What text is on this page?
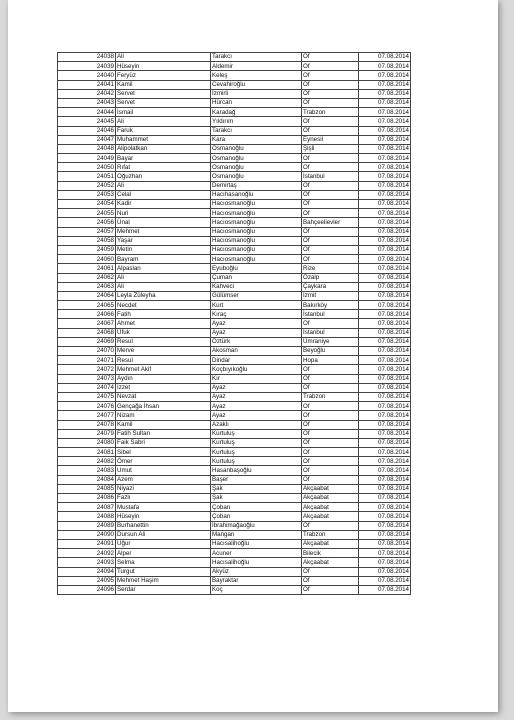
24038	Ali	Tarakcı	Of	07.08.2014
24039	Hüseyin	Aldemir	Of	07.08.2014
24040	Feryüz	Keleş	Of	07.08.2014
24041	Kamil	Cevahiroğlu	Of	07.08.2014
24042	Servet	İzmirli	Of	07.08.2014
24043	Servet	Hürcan	Of	07.08.2014
24044	İsmail	Karadağ	Trabzon	07.08.2014
24045	Ali	Yıldırım	Of	07.08.2014
24046	Faruk	Tarakcı	Of	07.08.2014
24047	Muhammet	Kara	Eynesil	07.08.2014
24048	Alipolatkan	Osmanoğlu	Şişli	07.08.2014
24049	Bayar	Osmanoğlu	Of	07.08.2014
24050	Rıfat	Osmanoğlu	Of	07.08.2014
24051	Oğuzhan	Osmanoğlu	İstanbul	07.08.2014
24052	Ali	Demirtaş	Of	07.08.2014
24053	Celal	Hacıhasanoğlu	Of	07.08.2014
24054	Kadir	Hacıosmanoğlu	Of	07.08.2014
24055	Nuri	Hacıosmanoğlu	Of	07.08.2014
24056	Ünal	Hacıosmanoğlu	Bahçeelievler	07.08.2014
24057	Mehmet	Hacıosmanoğlu	Of	07.08.2014
24058	Yaşar	Hacıosmanoğlu	Of	07.08.2014
24059	Metin	Hacıosmanoğlu	Of	07.08.2014
24060	Bayram	Hacıosmanoğlu	Of	07.08.2014
24061	Alpaslan	Eyuboğlu	Rize	07.08.2014
24062	Ali	Çuman	Özalp	07.08.2014
24063	Ali	Kahveci	Çaykara	07.08.2014
24064	Leyla Züleyha	Gülümser	İzmit	07.08.2014
24065	Necdet	Kurt	Bakırköy	07.08.2014
24066	Fatih	Kıraç	İstanbul	07.08.2014
24067	Ahmet	Ayaz	Of	07.08.2014
24068	Ufuk	Ayaz	İstanbul	07.08.2014
24069	Resul	Öztürk	Ümraniye	07.08.2014
24070	Merve	Akosman	Beyoğlu	07.08.2014
24071	Resul	Dindar	Hopa	07.08.2014
24072	Mehmet Akif	Koçbıyıkoğlu	Of	07.08.2014
24073	Aydın	Kır	Of	07.08.2014
24074	İzzet	Ayaz	Of	07.08.2014
24075	Nevzat	Ayaz	Trabzon	07.08.2014
24076	Gençağa İhsan	Ayaz	Of	07.08.2014
24077	Nizam	Ayaz	Of	07.08.2014
24078	Kamil	Azaklı	Of	07.08.2014
24079	Fatih Sultan	Kurtuluş	Of	07.08.2014
24080	Faik Sabri	Kurtuluş	Of	07.08.2014
24081	Sibel	Kurtuluş	Of	07.08.2014
24082	Ömer	Kurtuluş	Of	07.08.2014
24083	Umut	Hasanbaşoğlu	Of	07.08.2014
24084	Azem	Başer	Of	07.08.2014
24085	Niyazi	Şak	Akçaabat	07.08.2014
24086	Fazlı	Şak	Akçaabat	07.08.2014
24087	Mustafa	Çoban	Akçaabat	07.08.2014
24088	Hüseyin	Çoban	Akçaabat	07.08.2014
24089	Burhanettin	İbrahimağaoğlu	Of	07.08.2014
24090	Dursun Ali	Mangan	Trabzon	07.08.2014
24091	Uğur	Hacısalihoğlu	Akçaabat	07.08.2014
24092	Alper	Acuner	Bilecik	07.08.2014
24093	Selma	Hacısalihoğlu	Akçaabat	07.08.2014
24094	Turgut	Akyüz	Of	07.08.2014
24095	Mehmet Haşim	Bayraktar	Of	07.08.2014
24096	Serdar	Koç	Of	07.08.2014
